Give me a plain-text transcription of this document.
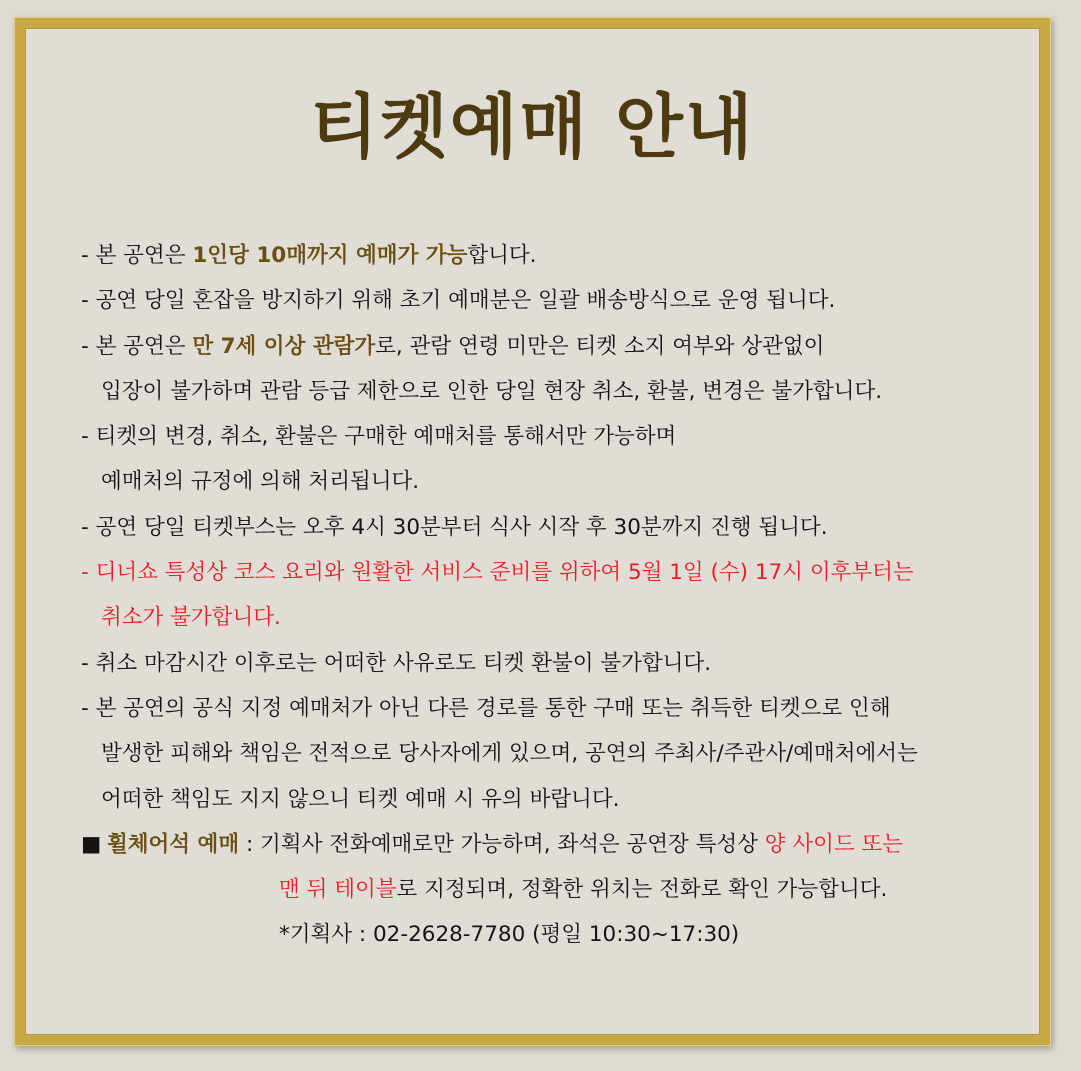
티켓예매 안내
- 본 공연은 1인당 10매까지 예매가 가능합니다.
- 공연 당일 혼잡을 방지하기 위해 초기 예매분은 일괄 배송방식으로 운영 됩니다.
- 본 공연은 만 7세 이상 관람가로, 관람 연령 미만은 티켓 소지 여부와 상관없이
입장이 불가하며 관람 등급 제한으로 인한 당일 현장 취소, 환불, 변경은 불가합니다.
- 티켓의 변경, 취소, 환불은 구매한 예매처를 통해서만 가능하며
예매처의 규정에 의해 처리됩니다.
- 공연 당일 티켓부스는 오후 4시 30분부터 식사 시작 후 30분까지 진행 됩니다.
- 디너쇼 특성상 코스 요리와 원활한 서비스 준비를 위하여 5월 1일 (수) 17시 이후부터는
취소가 불가합니다.
- 취소 마감시간 이후로는 어떠한 사유로도 티켓 환불이 불가합니다.
- 본 공연의 공식 지정 예매처가 아닌 다른 경로를 통한 구매 또는 취득한 티켓으로 인해
발생한 피해와 책임은 전적으로 당사자에게 있으며, 공연의 주최사/주관사/예매처에서는
어떠한 책임도 지지 않으니 티켓 예매 시 유의 바랍니다.
■ 휠체어석 예매 : 기획사 전화예매로만 가능하며, 좌석은 공연장 특성상 양 사이드 또는
맨 뒤 테이블로 지정되며, 정확한 위치는 전화로 확인 가능합니다.
*기획사 : 02-2628-7780 (평일 10:30~17:30)
